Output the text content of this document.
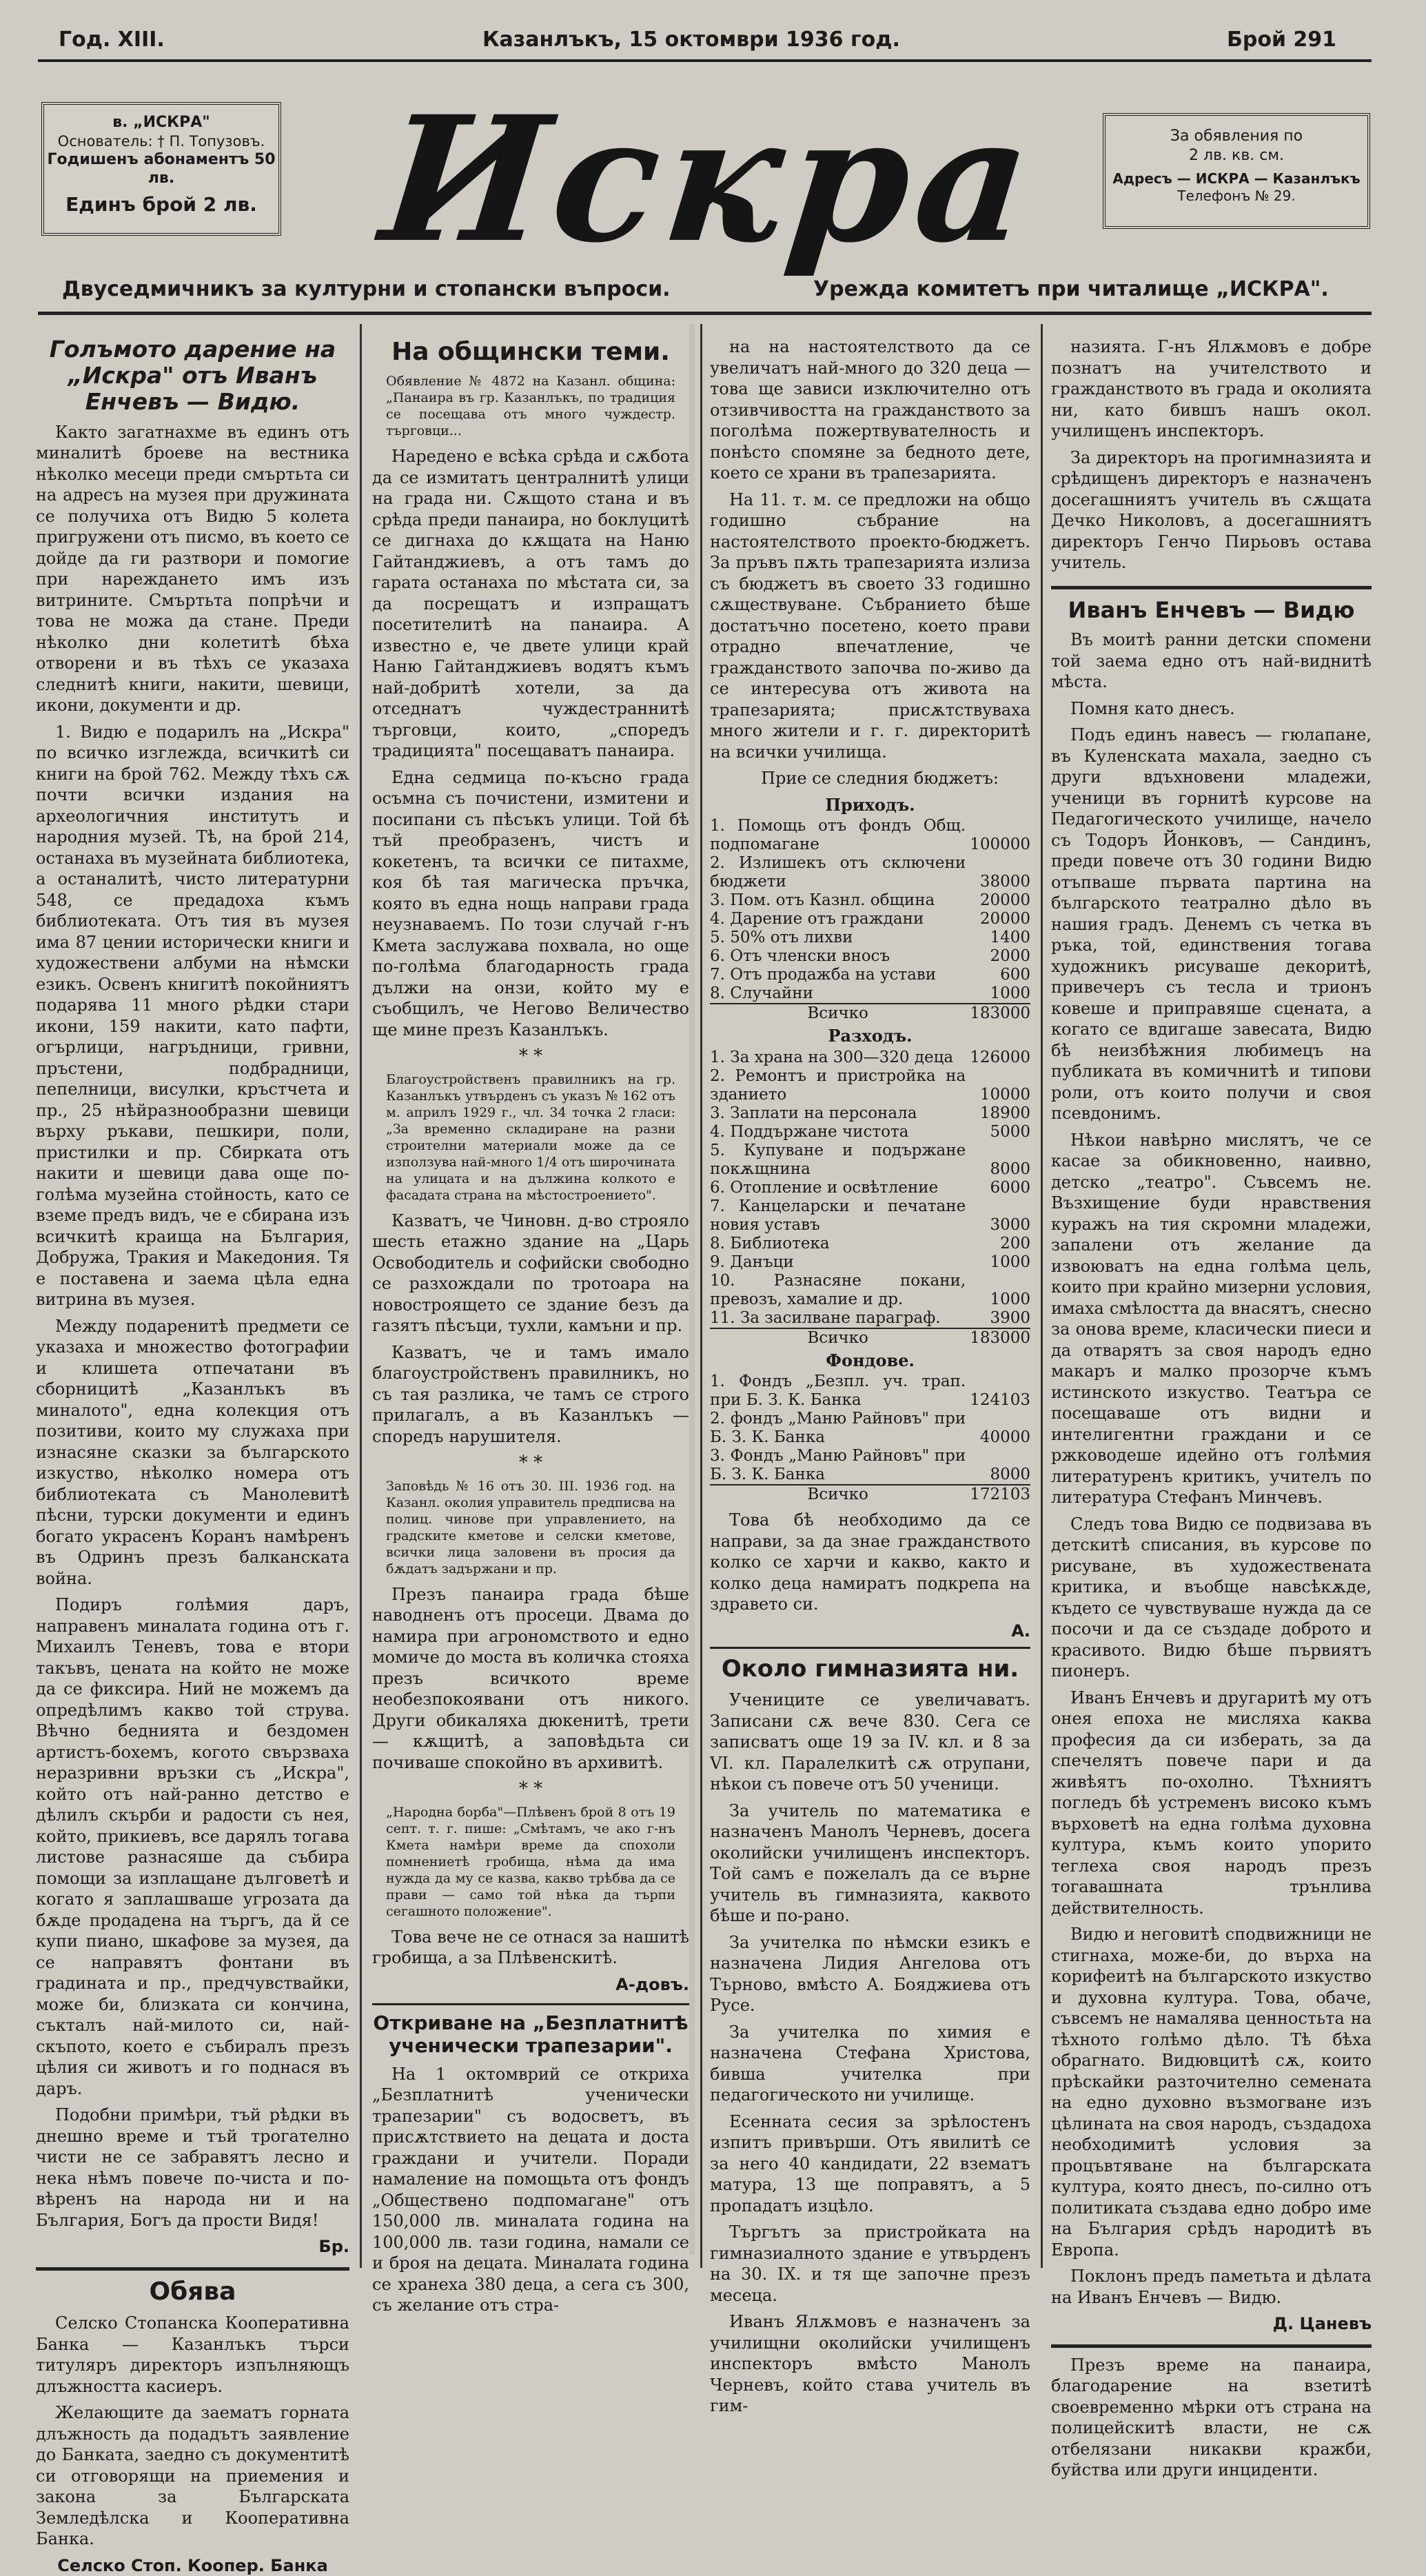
Год. XIII.	Казанлъкъ, 15 октомври 1936 год.	Брой 291
в. „ИСКРА"
Основатель: † П. Топузовъ.
Годишенъ абонаментъ 50 лв.
Единъ брой 2 лв. Искра	За обявления по
2 лв. кв. см.
Адресъ — ИСКРА — Казанлъкъ
Телефонъ № 29.
Двуседмичникъ за културни и стопански въпроси.	Урежда комитетъ при читалище „ИСКРА".
Голъмото дарение на „Искра" отъ Иванъ Енчевъ — Видю.

Както загатнахме въ единъ отъ миналитѣ броеве на вестника нѣколко месеци преди смъртьта си на адресъ на музея при дружината се получиха отъ Видю 5 колета пригружени отъ писмо, въ което се дойде да ги разтвори и помогие при нареждането имъ изъ витрините. Смъртьта попрѣчи и това не можа да стане. Преди нѣколко дни колетитѣ бѣха отворени и въ тѣхъ се указаха следнитѣ книги, накити, шевици, икони, документи и др.

1. Видю е подарилъ на „Искра" по всичко изглежда, всичкитѣ си книги на брой 762. Между тѣхъ сѫ почти всички издания на археологичния институтъ и народния музей. Тѣ, на брой 214, останаха въ музейната библиотека, а останалитѣ, чисто литературни 548, се предадоха къмъ библиотеката. Отъ тия въ музея има 87 цении исторически книги и художествени албуми на нѣмски езикъ. Освенъ книгитѣ покойниятъ подарява 11 много рѣдки стари икони, 159 накити, като пафти, огърлици, нагръдници, гривни, пръстени, подбрадници, пепелници, висулки, кръстчета и пр., 25 нѣйразнообразни шевици върху ръкави, пешкири, поли, пристилки и пр. Сбирката отъ накити и шевици дава още по-голѣма музейна стойность, като се вземе предъ видъ, че е сбирана изъ всичкитѣ краища на България, Добружа, Тракия и Македония. Тя е поставена и заема цѣла една витрина въ музея.

Между подаренитѣ предмети се указаха и множество фотографии и клишета отпечатани въ сборницитѣ „Казанлъкъ въ миналото", една колекция отъ позитиви, които му служаха при изнасяне сказки за българското изкуство, нѣколко номера отъ библиотеката съ Манолевитѣ пѣсни, турски документи и единъ богато украсенъ Коранъ намѣренъ въ Одринъ презъ балканската война.

Подиръ голѣмия даръ, направенъ миналата година отъ г. Михаилъ Теневъ, това е втори такъвъ, цената на който не може да се фиксира. Ний не можемъ да опредѣлимъ какво той струва. Вѣчно беднията и бездомен артистъ-бохемъ, когото свързваха неразривни връзки съ „Искра", който отъ най-ранно детство е дѣлилъ скърби и радости съ нея, който, прикиевъ, все дарялъ тогава листове разнасяше да събира помощи за изплащане дълговетѣ и когато я заплашваше угрозата да бѫде продадена на търгъ, да й се купи пиано, шкафове за музея, да се направятъ фонтани въ градината и пр., предчувствайки, може би, близката си кончина, съкталъ най-милото си, най-скъпото, което е събиралъ презъ цѣлия си животъ и го поднася въ даръ.

Подобни примѣри, тъй рѣдки въ днешно време и тъй трогателно чисти не се забравятъ лесно и нека нѣмъ повече по-чиста и по-вѣренъ на народа ни и на България, Богъ да прости Видя!

Бр.
Обява

Селско Стопанска Кооперативна Банка — Казанлъкъ търси титуляръ директоръ изпълняющъ длъжността касиеръ.

Желающите да заематъ горната длъжность да подадътъ заявление до Банката, заедно съ документитѣ си отговорящи на приемения и закона за Българската Земледѣлска и Кооперативна Банка.

Селско Стоп. Коопер. Банка
На общински теми.
Обявление № 4872 на Казанл. община: „Панаира въ гр. Казанлъкъ, по традиция се посещава отъ много чуждестр. търговци...

Наредено е всѣка срѣда и сѫбота да се измитатъ централнитѣ улици на града ни. Сѫщото стана и въ срѣда преди панаира, но боклуцитѣ се дигнаха до кѫщата на Наню Гайтанджиевъ, а отъ тамъ до гарата останаха по мѣстата си, за да посрещатъ и изпращатъ посетителитѣ на панаира. А известно е, че двете улици край Наню Гайтанджиевъ водятъ къмъ най-добритѣ хотели, за да отседнатъ чуждестраннитѣ търговци, които, „споредъ традицията" посещаватъ панаира.

Една седмица по-късно града осъмна съ почистени, измитени и посипани съ пѣсъкъ улици. Той бѣ тъй преобразенъ, чистъ и кокетенъ, та всички се питахме, коя бѣ тая магическа пръчка, която въ една нощь направи града неузнаваемъ. По този случай г-нъ Кмета заслужава похвала, но още по-голѣма благодарность града дължи на онзи, който му е съобщилъ, че Негово Величество ще мине презъ Казанлъкъ.

* *
Благоустройственъ правилникъ на гр. Казанлъкъ утвърденъ съ указъ № 162 отъ м. априлъ 1929 г., чл. 34 точка 2 гласи: „За временно складиране на разни строителни материали може да се използува най-много 1/4 отъ широчината на улицата и на дължина колкото е фасадата страна на мѣстостроението".

Казватъ, че Чиновн. д-во строяло шесть етажно здание на „Царь Освободитель и софийски свободно се разхождали по тротоара на новостроящето се здание безъ да газятъ пѣсъци, тухли, камъни и пр.

Казватъ, че и тамъ имало благоустройственъ правилникъ, но съ тая разлика, че тамъ се строго прилагалъ, а въ Казанлъкъ — споредъ нарушителя.

* *
Заповѣдь № 16 отъ 30. III. 1936 год. на Казанл. околия управитель предписва на полиц. чинове при управлението, на градските кметове и селски кметове, всички лица заловени въ просия да бѫдатъ задържани и пр.

Презъ панаира града бѣше наводненъ отъ просеци. Двама до намира при агрономството и едно момиче до моста въ количка стояха презъ всичкото време необезпокоявани отъ никого. Други обикаляха дюкенитѣ, трети — кѫщитѣ, а заповѣдьта си почиваше спокойно въ архивитѣ.

* *
„Народна борба"—Плѣвенъ брой 8 отъ 19 септ. т. г. пише: „Смѣтамъ, че ако г-нъ Кмета намѣри време да спохоли помнениетѣ гробища, нѣма да има нужда да му се казва, какво трѣбва да се прави — само той нѣка да търпи сегашното положение".

Това вече не се отнася за нашитѣ гробища, а за Плѣвенскитѣ.

А-довъ.
Откриване на „Безплатнитѣ ученически трапезарии".

На 1 октомврий се откриха „Безплатнитѣ ученически трапезарии" съ водосветъ, въ присѫтствието на децата и доста граждани и учители. Поради намаление на помощьта отъ фондъ „Обществено подпомагане" отъ 150,000 лв. миналата година на 100,000 лв. тази година, намали се и броя на децата. Миналата година се хранеха 380 деца, а сега съ 300, съ желание отъ стра-

на на настоятелството да се увеличатъ най-много до 320 деца — това ще зависи изключително отъ отзивчивостта на гражданството за поголѣма пожертвувателность и понѣсто спомяне за бедното дете, което се храни въ трапезарията.

На 11. т. м. се предложи на общо годишно събрание на настоятелството проекто-бюджетъ. За пръвъ пѫть трапезарията излиза съ бюджетъ въ своето 33 годишно сѫществуване. Събранието бѣше достатъчно посетено, което прави отрадно впечатление, че гражданството започва по-живо да се интересува отъ живота на трапезарията; присѫтствуваха много жители и г. г. директоритѣ на всички училища.

Прие се следния бюджетъ:

Приходъ.
1. Помощь отъ фондъ Общ. подпомагане	100000
2. Излишекъ отъ сключени бюджети	38000
3. Пом. отъ Казнл. община	20000
4. Дарение отъ граждани	20000
5. 50% отъ лихви	1400
6. Отъ членски вносъ	2000
7. Отъ продажба на устави	600
8. Случайни	1000
Всичко	183000
Разходъ.
1. За храна на 300—320 деца	126000
2. Ремонтъ и пристройка на зданието	10000
3. Заплати на персонала	18900
4. Поддържане чистота	5000
5. Купуване и подържане покѫщнина	8000
6. Отопление и освѣтление	6000
7. Канцеларски и печатане новия уставъ	3000
8. Библиотека	200
9. Данъци	1000
10. Разнасяне покани, превозъ, хамалие и др.	1000
11. За засилване параграф.	3900
Всичко	183000
Фондове.
1. Фондъ „Безпл. уч. трап. при Б. З. К. Банка	124103
2. фондъ „Маню Райновъ" при Б. З. К. Банка	40000
3. Фондъ „Маню Райновъ" при Б. З. К. Банка	8000
Всичко	172103

Това бѣ необходимо да се направи, за да знае гражданството колко се харчи и какво, както и колко деца намиратъ подкрепа на здравето си.

А.
Около гимназията ни.

Учениците се увеличаватъ. Записани сѫ вече 830. Сега се записватъ още 19 за IV. кл. и 8 за VI. кл. Паралелкитѣ сѫ отрупани, нѣкои съ повече отъ 50 ученици.

За учитель по математика е назначенъ Манолъ Черневъ, досега околийски училищенъ инспекторъ. Той самъ е пожелалъ да се върне учитель въ гимназията, каквото бѣше и по-рано.

За учителка по нѣмски езикъ е назначена Лидия Ангелова отъ Търново, вмѣсто А. Бояджиева отъ Русе.

За учителка по химия е назначена Стефана Христова, бивша учителка при педагогическото ни училище.

Есенната сесия за зрѣлостенъ изпитъ привърши. Отъ явилитѣ се за него 40 кандидати, 22 взематъ матура, 13 ще поправятъ, а 5 пропадатъ изцѣло.

Търгътъ за пристройката на гимназиалното здание е утвърденъ на 30. IX. и тя ще започне презъ месеца.

Иванъ Ялѫмовъ е назначенъ за училищни околийски училищенъ инспекторъ вмѣсто Манолъ Черневъ, който става учитель въ гим-

назията. Г-нъ Ялѫмовъ е добре познатъ на учителството и гражданството въ града и околията ни, като бившъ нашъ окол. училищенъ инспекторъ.

За директоръ на прогимназията и срѣдищенъ директоръ е назначенъ досегашниятъ учитель въ сѫщата Дечко Николовъ, а досегашниятъ директоръ Генчо Пирьовъ остава учитель.

Иванъ Енчевъ — Видю

Въ моитѣ ранни детски спомени той заема едно отъ най-виднитѣ мѣста.

Помня като днесъ.

Подъ единъ навесъ — гюлапане, въ Куленската махала, заедно съ други вдъхновени младежи, ученици въ горнитѣ курсове на Педагогическото училище, начело съ Тодоръ Йонковъ, — Сандинъ, преди повече отъ 30 години Видю отъпваше първата партина на българското театрално дѣло въ нашия градъ. Денемъ съ четка въ ръка, той, единствения тогава художникъ рисуваше декоритѣ, привечеръ съ тесла и трионъ ковеше и приправяше сцената, а когато се вдигаше завесата, Видю бѣ неизбѣжния любимецъ на публиката въ комичнитѣ и типови роли, отъ които получи и своя псевдонимъ.

Нѣкои навѣрно мислятъ, че се касае за обикновенно, наивно, детско „театро". Съвсемъ не. Възхищение буди нравствения куражъ на тия скромни младежи, запалени отъ желание да извоюватъ на една голѣма цель, които при крайно мизерни условия, имаха смѣлостта да внасятъ, снесно за онова време, класически пиеси и да отварятъ за своя народъ едно макаръ и малко прозорче къмъ истинското изкуство. Театъра се посещаваше отъ видни и интелигентни граждани и се ржководеше идейно отъ голѣмия литературенъ критикъ, учителъ по литература Стефанъ Минчевъ.

Следъ това Видю се подвизава въ детскитѣ списания, въ курсове по рисуване, въ художествената критика, и въобще навсѣкѫде, където се чувствуваше нужда да се посочи и да се създаде доброто и красивото. Видю бѣше първиятъ пионеръ.

Иванъ Енчевъ и другаритѣ му отъ онея епоха не мисляха каква професия да си изберать, за да спечелятъ повече пари и да живѣятъ по-охолно. Тѣхниятъ погледъ бѣ устременъ високо къмъ върховетѣ на една голѣма духовна култура, къмъ които упорито теглеха своя народъ презъ тогавашната трънлива действителность.

Видю и неговитѣ сподвижници не стигнаха, може-би, до върха на корифеитѣ на българското изкуство и духовна култура. Това, обаче, съвсемъ не намалява ценностьта на тѣхното голѣмо дѣло. Тѣ бѣха обрагнато. Видювцитѣ сѫ, които прѣскайки разточително семената на едно духовно възмогване изъ цѣлината на своя народъ, създадоха необходимитѣ условия за процъвтяване на българската култура, която днесъ, по-силно отъ политиката създава едно добро име на България срѣдъ народитѣ въ Европа.

Поклонъ предъ паметьта и дѣлата на Иванъ Енчевъ — Видю.

Д. Цаневъ

Презъ време на панаира, благодарение на взетитѣ своевременно мѣрки отъ страна на полицейскитѣ власти, не сѫ отбелязани никакви кражби, буйства или други инциденти.
